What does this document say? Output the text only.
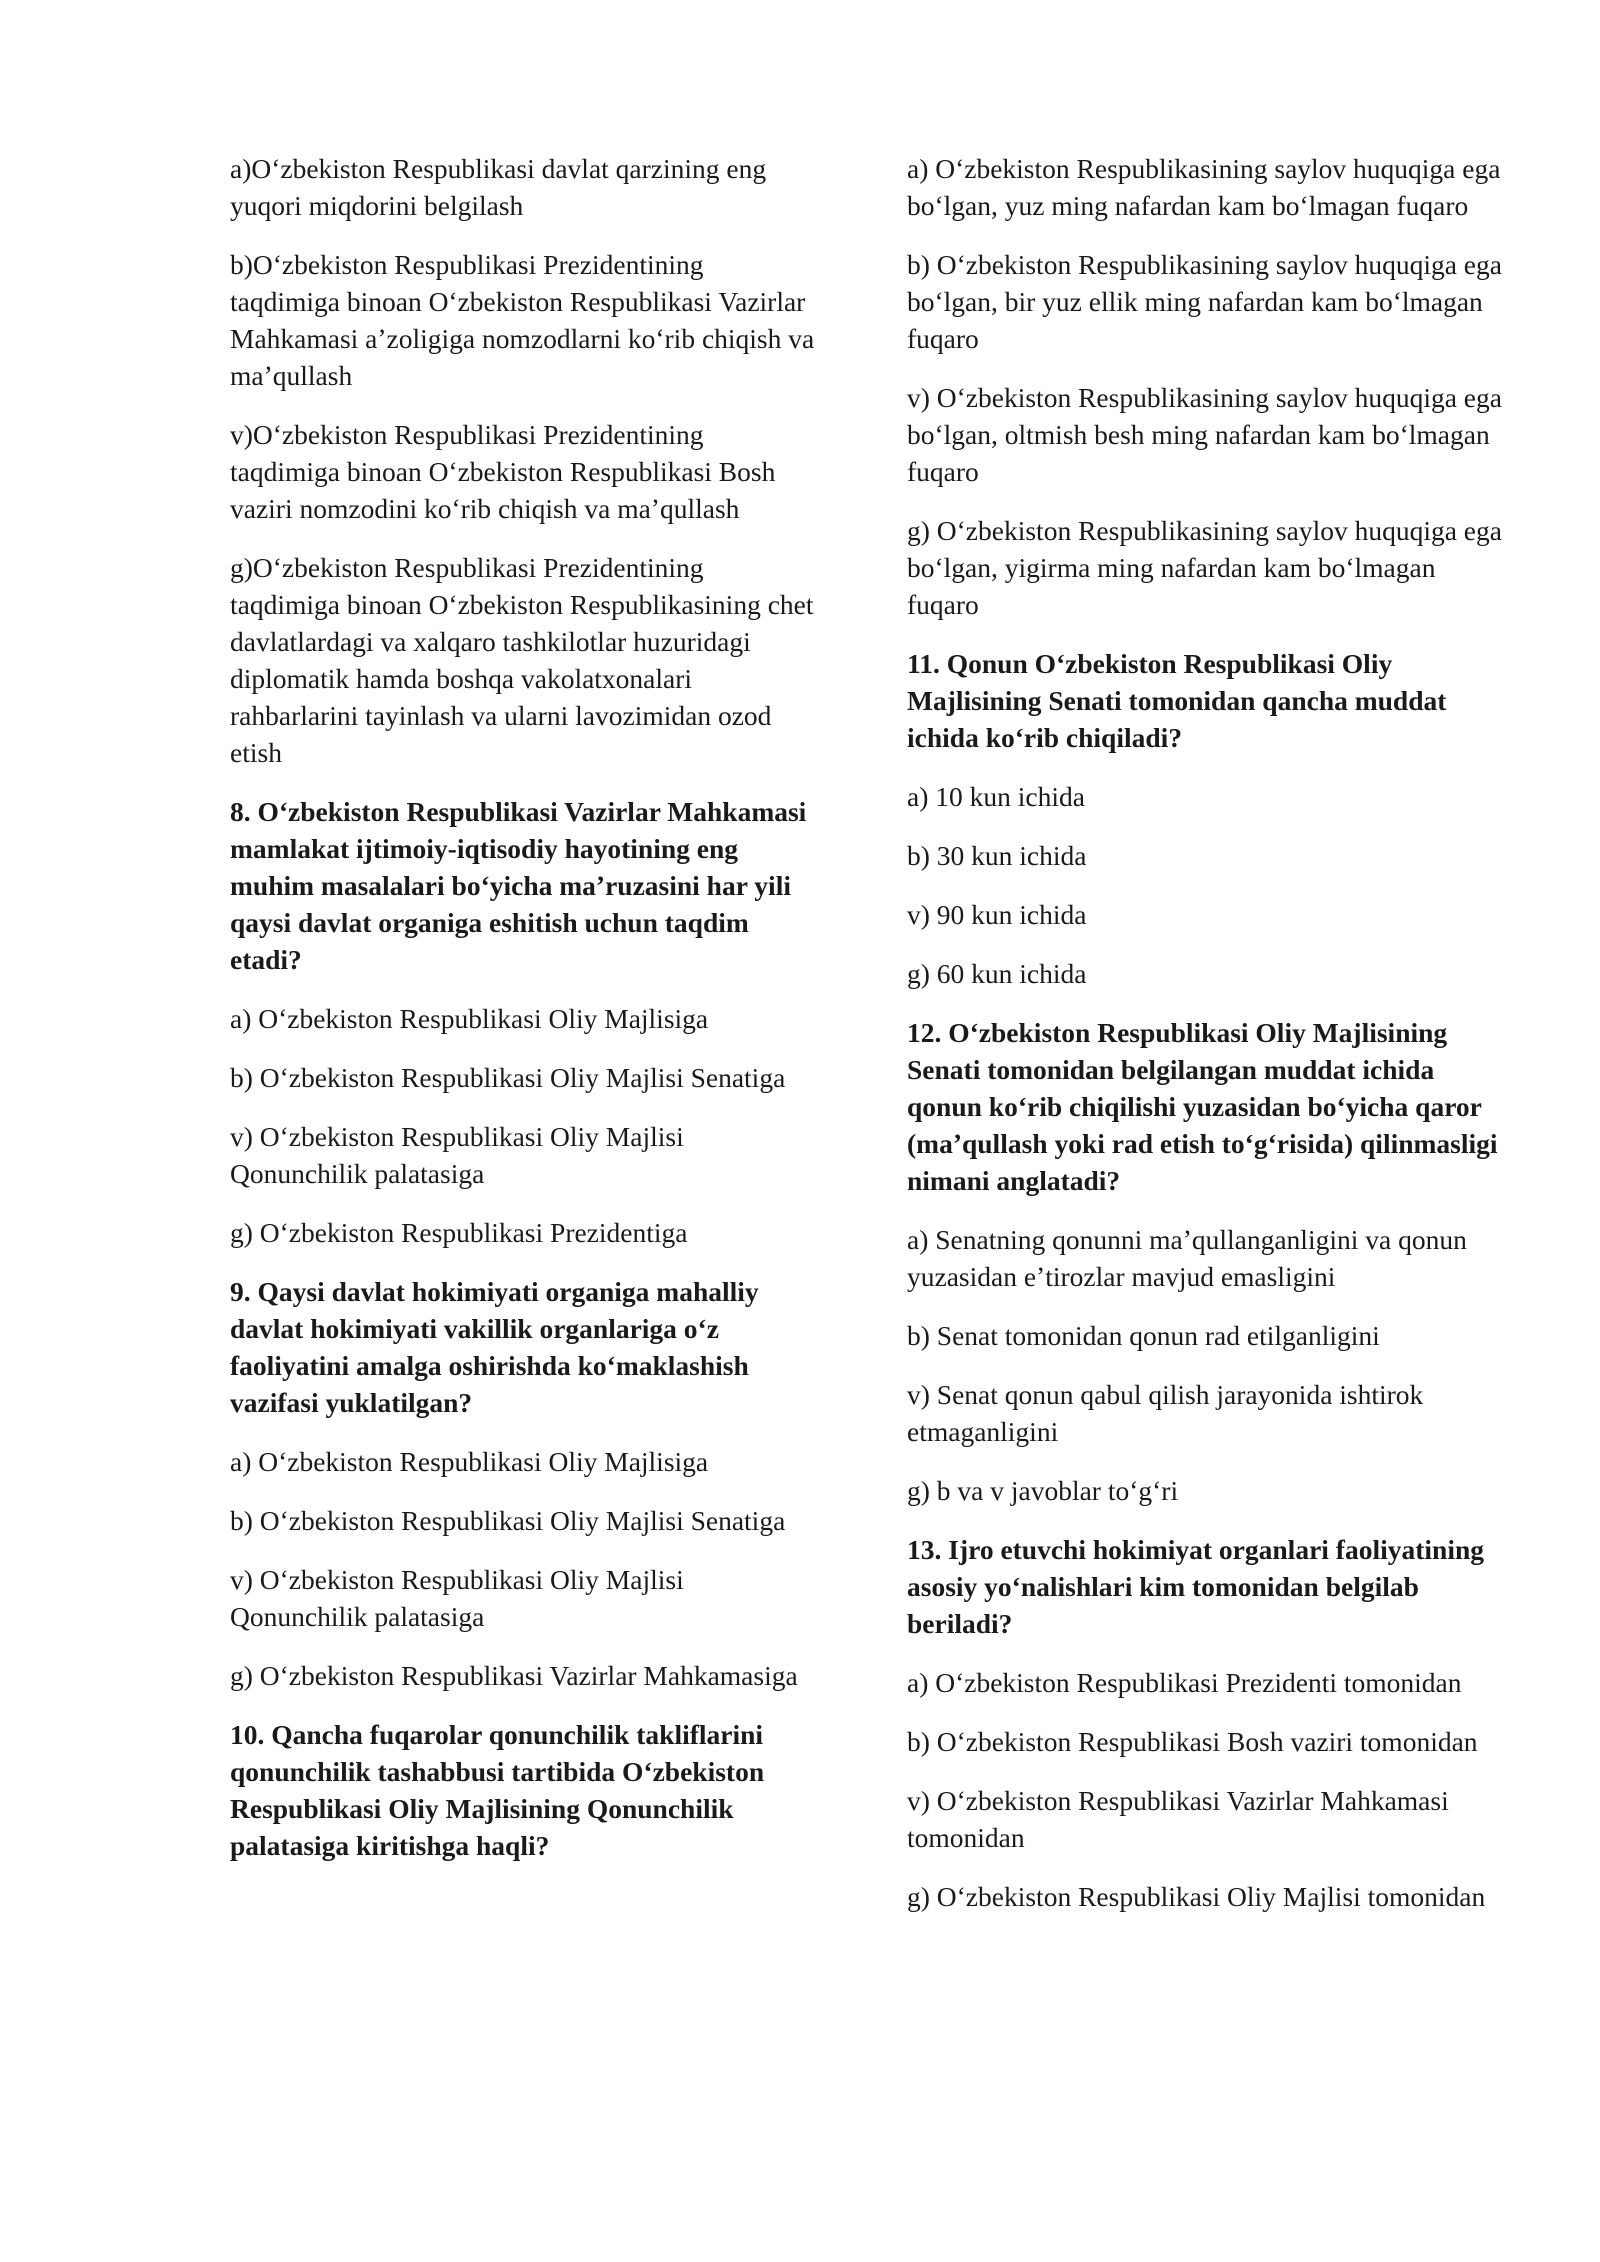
a)Oʻzbekiston Respublikasi davlat qarzining eng yuqori miqdorini belgilash

b)Oʻzbekiston Respublikasi Prezidentining taqdimiga binoan Oʻzbekiston Respublikasi Vazirlar Mahkamasi aʼzoligiga nomzodlarni koʻrib chiqish va maʼqullash

v)Oʻzbekiston Respublikasi Prezidentining taqdimiga binoan Oʻzbekiston Respublikasi Bosh vaziri nomzodini koʻrib chiqish va maʼqullash

g)Oʻzbekiston Respublikasi Prezidentining taqdimiga binoan Oʻzbekiston Respublikasining chet davlatlardagi va xalqaro tashkilotlar huzuridagi diplomatik hamda boshqa vakolatxonalari rahbarlarini tayinlash va ularni lavozimidan ozod etish

8. Oʻzbekiston Respublikasi Vazirlar Mahkamasi mamlakat ijtimoiy-iqtisodiy hayotining eng muhim masalalari boʻyicha maʼruzasini har yili qaysi davlat organiga eshitish uchun taqdim etadi?

a) Oʻzbekiston Respublikasi Oliy Majlisiga

b) Oʻzbekiston Respublikasi Oliy Majlisi Senatiga

v) Oʻzbekiston Respublikasi Oliy Majlisi Qonunchilik palatasiga

g) Oʻzbekiston Respublikasi Prezidentiga

9. Qaysi davlat hokimiyati organiga mahalliy davlat hokimiyati vakillik organlariga oʻz faoliyatini amalga oshirishda koʻmaklashish vazifasi yuklatilgan?

a) Oʻzbekiston Respublikasi Oliy Majlisiga

b) Oʻzbekiston Respublikasi Oliy Majlisi Senatiga

v) Oʻzbekiston Respublikasi Oliy Majlisi Qonunchilik palatasiga

g) Oʻzbekiston Respublikasi Vazirlar Mahkamasiga

10. Qancha fuqarolar qonunchilik takliflarini qonunchilik tashabbusi tartibida Oʻzbekiston Respublikasi Oliy Majlisining Qonunchilik palatasiga kiritishga haqli?

a) Oʻzbekiston Respublikasining saylov huquqiga ega boʻlgan, yuz ming nafardan kam boʻlmagan fuqaro

b) Oʻzbekiston Respublikasining saylov huquqiga ega boʻlgan, bir yuz ellik ming nafardan kam boʻlmagan fuqaro

v) Oʻzbekiston Respublikasining saylov huquqiga ega boʻlgan, oltmish besh ming nafardan kam boʻlmagan fuqaro

g) Oʻzbekiston Respublikasining saylov huquqiga ega boʻlgan, yigirma ming nafardan kam boʻlmagan fuqaro

11. Qonun Oʻzbekiston Respublikasi Oliy Majlisining Senati tomonidan qancha muddat ichida koʻrib chiqiladi?

a) 10 kun ichida

b) 30 kun ichida

v) 90 kun ichida

g) 60 kun ichida

12. Oʻzbekiston Respublikasi Oliy Majlisining Senati tomonidan belgilangan muddat ichida qonun koʻrib chiqilishi yuzasidan boʻyicha qaror (maʼqullash yoki rad etish toʻgʻrisida) qilinmasligi nimani anglatadi?

a) Senatning qonunni maʼqullanganligini va qonun yuzasidan eʼtirozlar mavjud emasligini

b) Senat tomonidan qonun rad etilganligini

v) Senat qonun qabul qilish jarayonida ishtirok etmaganligini

g) b va v javoblar toʻgʻri

13. Ijro etuvchi hokimiyat organlari faoliyatining asosiy yoʻnalishlari kim tomonidan belgilab beriladi?

a) Oʻzbekiston Respublikasi Prezidenti tomonidan

b) Oʻzbekiston Respublikasi Bosh vaziri tomonidan

v) Oʻzbekiston Respublikasi Vazirlar Mahkamasi tomonidan

g) Oʻzbekiston Respublikasi Oliy Majlisi tomonidan
